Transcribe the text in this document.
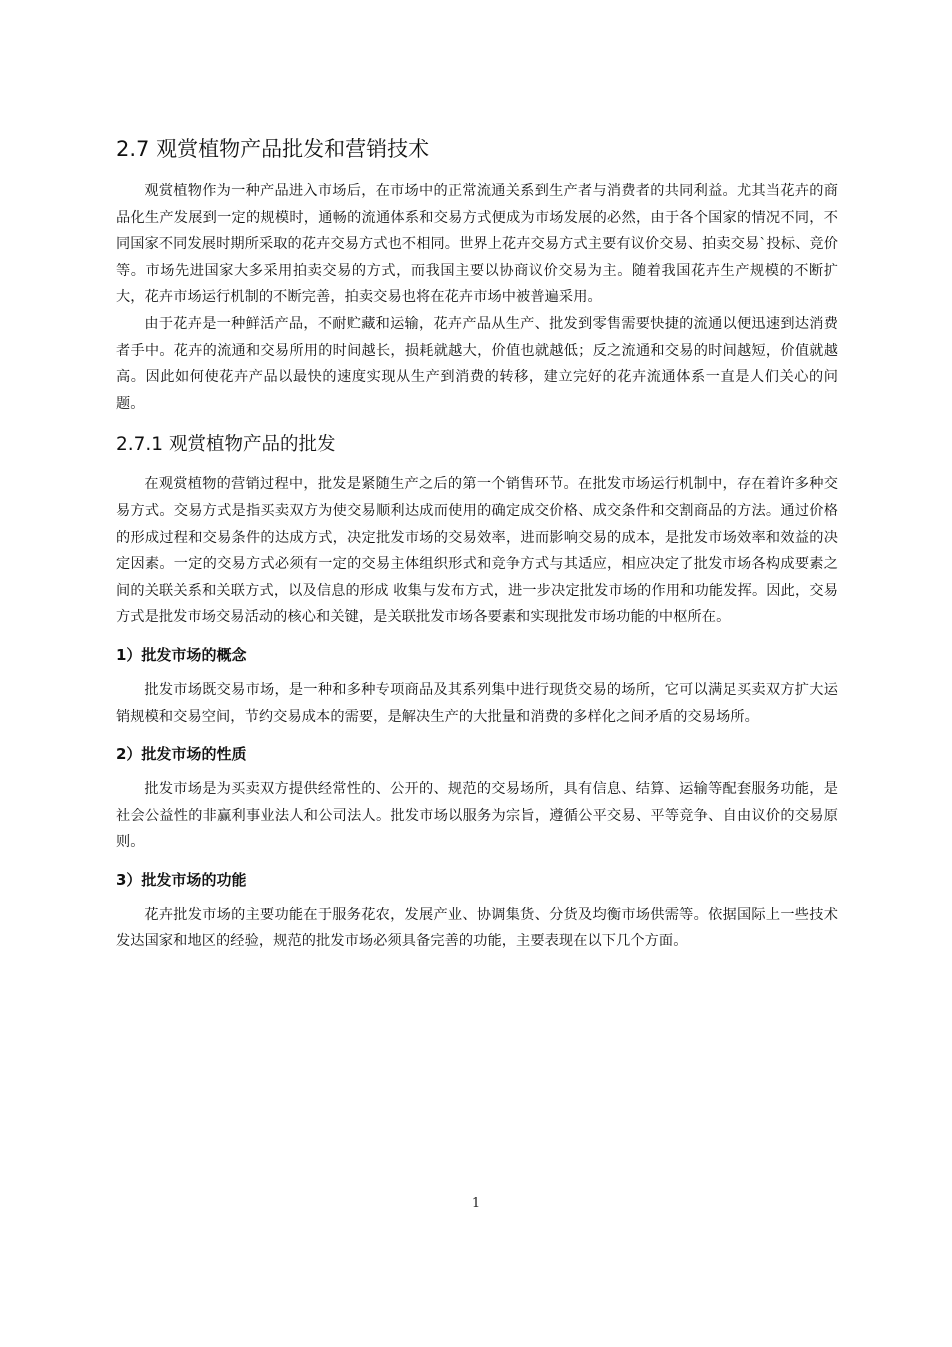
2.7 观赏植物产品批发和营销技术

观赏植物作为一种产品进入市场后，在市场中的正常流通关系到生产者与消费者的共同利益。尤其当花卉的商品化生产发展到一定的规模时，通畅的流通体系和交易方式便成为市场发展的必然，由于各个国家的情况不同，不同国家不同发展时期所采取的花卉交易方式也不相同。世界上花卉交易方式主要有议价交易、拍卖交易`投标、竞价等。市场先进国家大多采用拍卖交易的方式，而我国主要以协商议价交易为主。随着我国花卉生产规模的不断扩大，花卉市场运行机制的不断完善，拍卖交易也将在花卉市场中被普遍采用。

由于花卉是一种鲜活产品，不耐贮藏和运输，花卉产品从生产、批发到零售需要快捷的流通以便迅速到达消费者手中。花卉的流通和交易所用的时间越长，损耗就越大，价值也就越低；反之流通和交易的时间越短，价值就越高。因此如何使花卉产品以最快的速度实现从生产到消费的转移，建立完好的花卉流通体系一直是人们关心的问题。

2.7.1 观赏植物产品的批发

在观赏植物的营销过程中，批发是紧随生产之后的第一个销售环节。在批发市场运行机制中，存在着许多种交易方式。交易方式是指买卖双方为使交易顺利达成而使用的确定成交价格、成交条件和交割商品的方法。通过价格的形成过程和交易条件的达成方式，决定批发市场的交易效率，进而影响交易的成本，是批发市场效率和效益的决定因素。一定的交易方式必须有一定的交易主体组织形式和竞争方式与其适应，相应决定了批发市场各构成要素之间的关联关系和关联方式，以及信息的形成 收集与发布方式，进一步决定批发市场的作用和功能发挥。因此，交易方式是批发市场交易活动的核心和关键，是关联批发市场各要素和实现批发市场功能的中枢所在。

1）批发市场的概念

批发市场既交易市场，是一种和多种专项商品及其系列集中进行现货交易的场所，它可以满足买卖双方扩大运销规模和交易空间，节约交易成本的需要，是解决生产的大批量和消费的多样化之间矛盾的交易场所。

2）批发市场的性质

批发市场是为买卖双方提供经常性的、公开的、规范的交易场所，具有信息、结算、运输等配套服务功能，是社会公益性的非赢利事业法人和公司法人。批发市场以服务为宗旨，遵循公平交易、平等竞争、自由议价的交易原则。

3）批发市场的功能

花卉批发市场的主要功能在于服务花农，发展产业、协调集货、分货及均衡市场供需等。依据国际上一些技术发达国家和地区的经验，规范的批发市场必须具备完善的功能，主要表现在以下几个方面。

1
